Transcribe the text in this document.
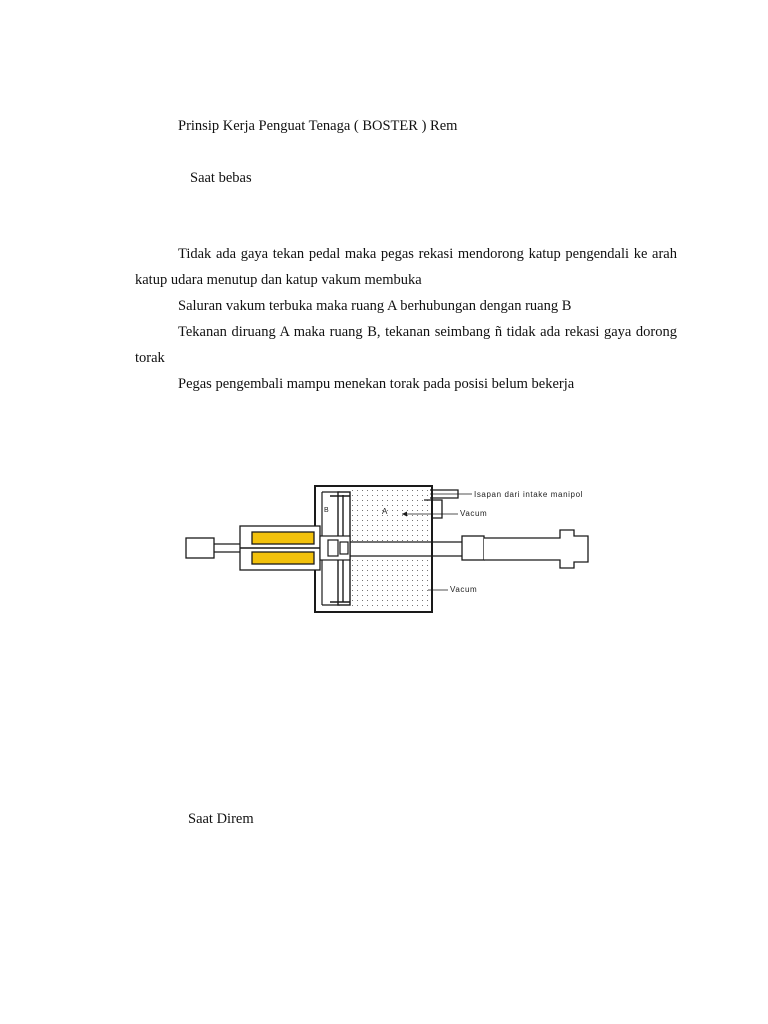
Prinsip Kerja Penguat Tenaga ( BOSTER ) Rem

Saat bebas

Tidak ada gaya tekan pedal maka pegas rekasi mendorong katup pengendali ke arah katup udara menutup dan katup vakum membuka

Saluran vakum terbuka maka ruang A berhubungan dengan ruang B

Tekanan diruang A maka ruang B, tekanan seimbang ñ tidak ada rekasi gaya dorong torak

Pegas pengembali mampu menekan torak pada posisi belum bekerja

Isapan dari intake manipol
Vacum
Vacum
A
B

Saat Direm
